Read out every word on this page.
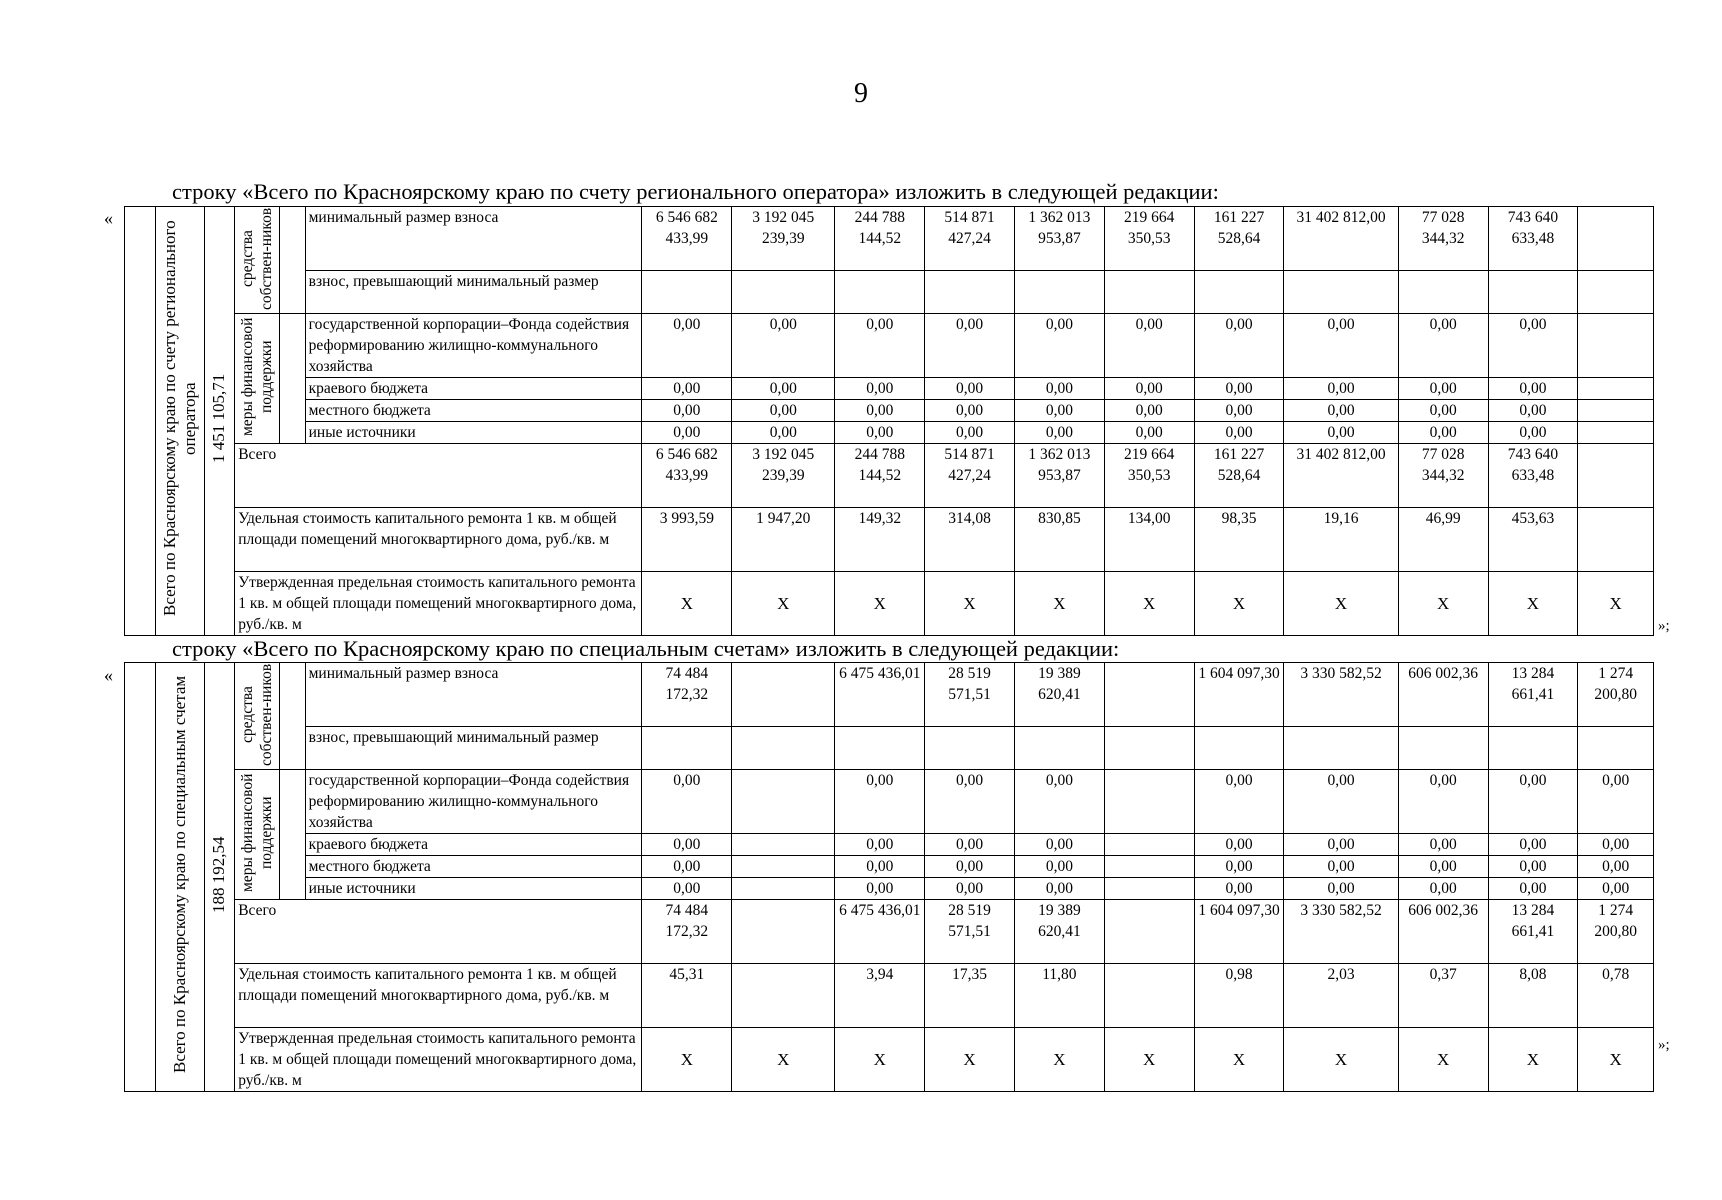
9
строку «Всего по Красноярскому краю по счету регионального оператора» изложить в следующей редакции:
«
»;

	Всего по Красноярскому краю по счету регионального оператора	1 451 105,71	средства собствен-ников		минимальный размер взноса	6 546 682 433,99	3 192 045 239,39	244 788 144,52	514 871 427,24	1 362 013 953,87	219 664 350,53	161 227 528,64	31 402 812,00	77 028 344,32	743 640 633,48	
					взнос, превышающий минимальный размер											

			меры финансовой поддержки		государственной корпорации–Фонда содействия реформированию жилищно-коммунального хозяйства	0,00	0,00	0,00	0,00	0,00	0,00	0,00	0,00	0,00	0,00	
					краевого бюджета	0,00	0,00	0,00	0,00	0,00	0,00	0,00	0,00	0,00	0,00	
					местного бюджета	0,00	0,00	0,00	0,00	0,00	0,00	0,00	0,00	0,00	0,00	
					иные источники	0,00	0,00	0,00	0,00	0,00	0,00	0,00	0,00	0,00	0,00	
			Всего			6 546 682 433,99	3 192 045 239,39	244 788 144,52	514 871 427,24	1 362 013 953,87	219 664 350,53	161 227 528,64	31 402 812,00	77 028 344,32	743 640 633,48	
			Удельная стоимость капитального ремонта 1 кв. м общей площади помещений многоквартирного дома, руб./кв. м			3 993,59	1 947,20	149,32	314,08	830,85	134,00	98,35	19,16	46,99	453,63	
			Утвержденная предельная стоимость капитального ремонта 1 кв. м общей площади помещений многоквартирного дома, руб./кв. м			X	X	X	X	X	X	X	X	X	X	X
строку «Всего по Красноярскому краю по специальным счетам» изложить в следующей редакции:
«
»;

	Всего по Красноярскому краю по специальным счетам	188 192,54	средства собствен-ников		минимальный размер взноса	74 484 172,32		6 475 436,01	28 519 571,51	19 389 620,41		1 604 097,30	3 330 582,52	606 002,36	13 284 661,41	1 274 200,80
					взнос, превышающий минимальный размер											

			меры финансовой поддержки		государственной корпорации–Фонда содействия реформированию жилищно-коммунального хозяйства	0,00		0,00	0,00	0,00		0,00	0,00	0,00	0,00	0,00
					краевого бюджета	0,00		0,00	0,00	0,00		0,00	0,00	0,00	0,00	0,00
					местного бюджета	0,00		0,00	0,00	0,00		0,00	0,00	0,00	0,00	0,00
					иные источники	0,00		0,00	0,00	0,00		0,00	0,00	0,00	0,00	0,00
			Всего			74 484 172,32		6 475 436,01	28 519 571,51	19 389 620,41		1 604 097,30	3 330 582,52	606 002,36	13 284 661,41	1 274 200,80
			Удельная стоимость капитального ремонта 1 кв. м общей площади помещений многоквартирного дома, руб./кв. м			45,31		3,94	17,35	11,80		0,98	2,03	0,37	8,08	0,78
			Утвержденная предельная стоимость капитального ремонта 1 кв. м общей площади помещений многоквартирного дома, руб./кв. м			X	X	X	X	X	X	X	X	X	X	X
